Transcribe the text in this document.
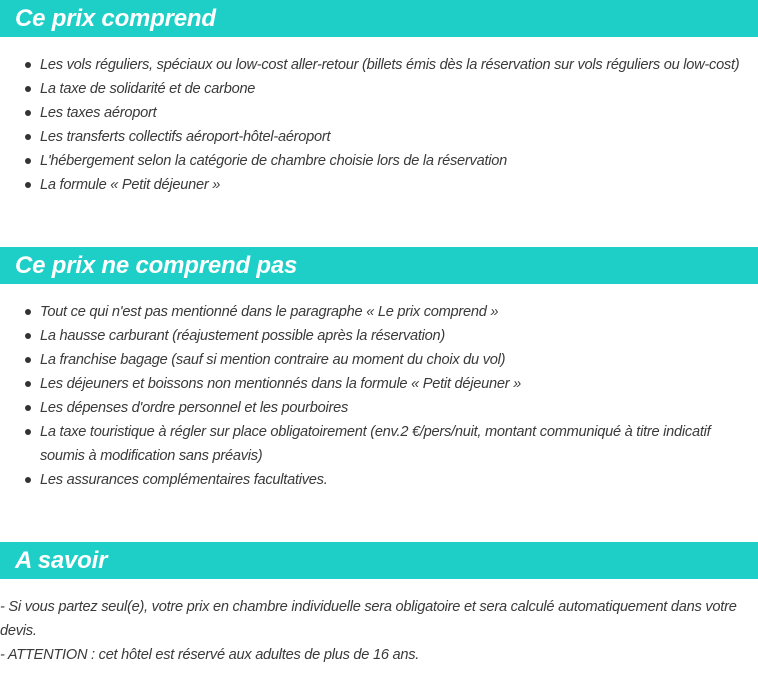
Ce prix comprend
Les vols réguliers, spéciaux ou low-cost aller-retour (billets émis dès la réservation sur vols réguliers ou low-cost)
La taxe de solidarité et de carbone
Les taxes aéroport
Les transferts collectifs aéroport-hôtel-aéroport
L'hébergement selon la catégorie de chambre choisie lors de la réservation
La formule « Petit déjeuner »
Ce prix ne comprend pas
Tout ce qui n'est pas mentionné dans le paragraphe « Le prix comprend »
La hausse carburant (réajustement possible après la réservation)
La franchise bagage (sauf si mention contraire au moment du choix du vol)
Les déjeuners et boissons non mentionnés dans la formule « Petit déjeuner »
Les dépenses d'ordre personnel et les pourboires
La taxe touristique à régler sur place obligatoirement (env.2 €/pers/nuit, montant communiqué à titre indicatif soumis à modification sans préavis)
Les assurances complémentaires facultatives.
A savoir

- Si vous partez seul(e), votre prix en chambre individuelle sera obligatoire et sera calculé automatiquement dans votre devis.

- ATTENTION : cet hôtel est réservé aux adultes de plus de 16 ans.
